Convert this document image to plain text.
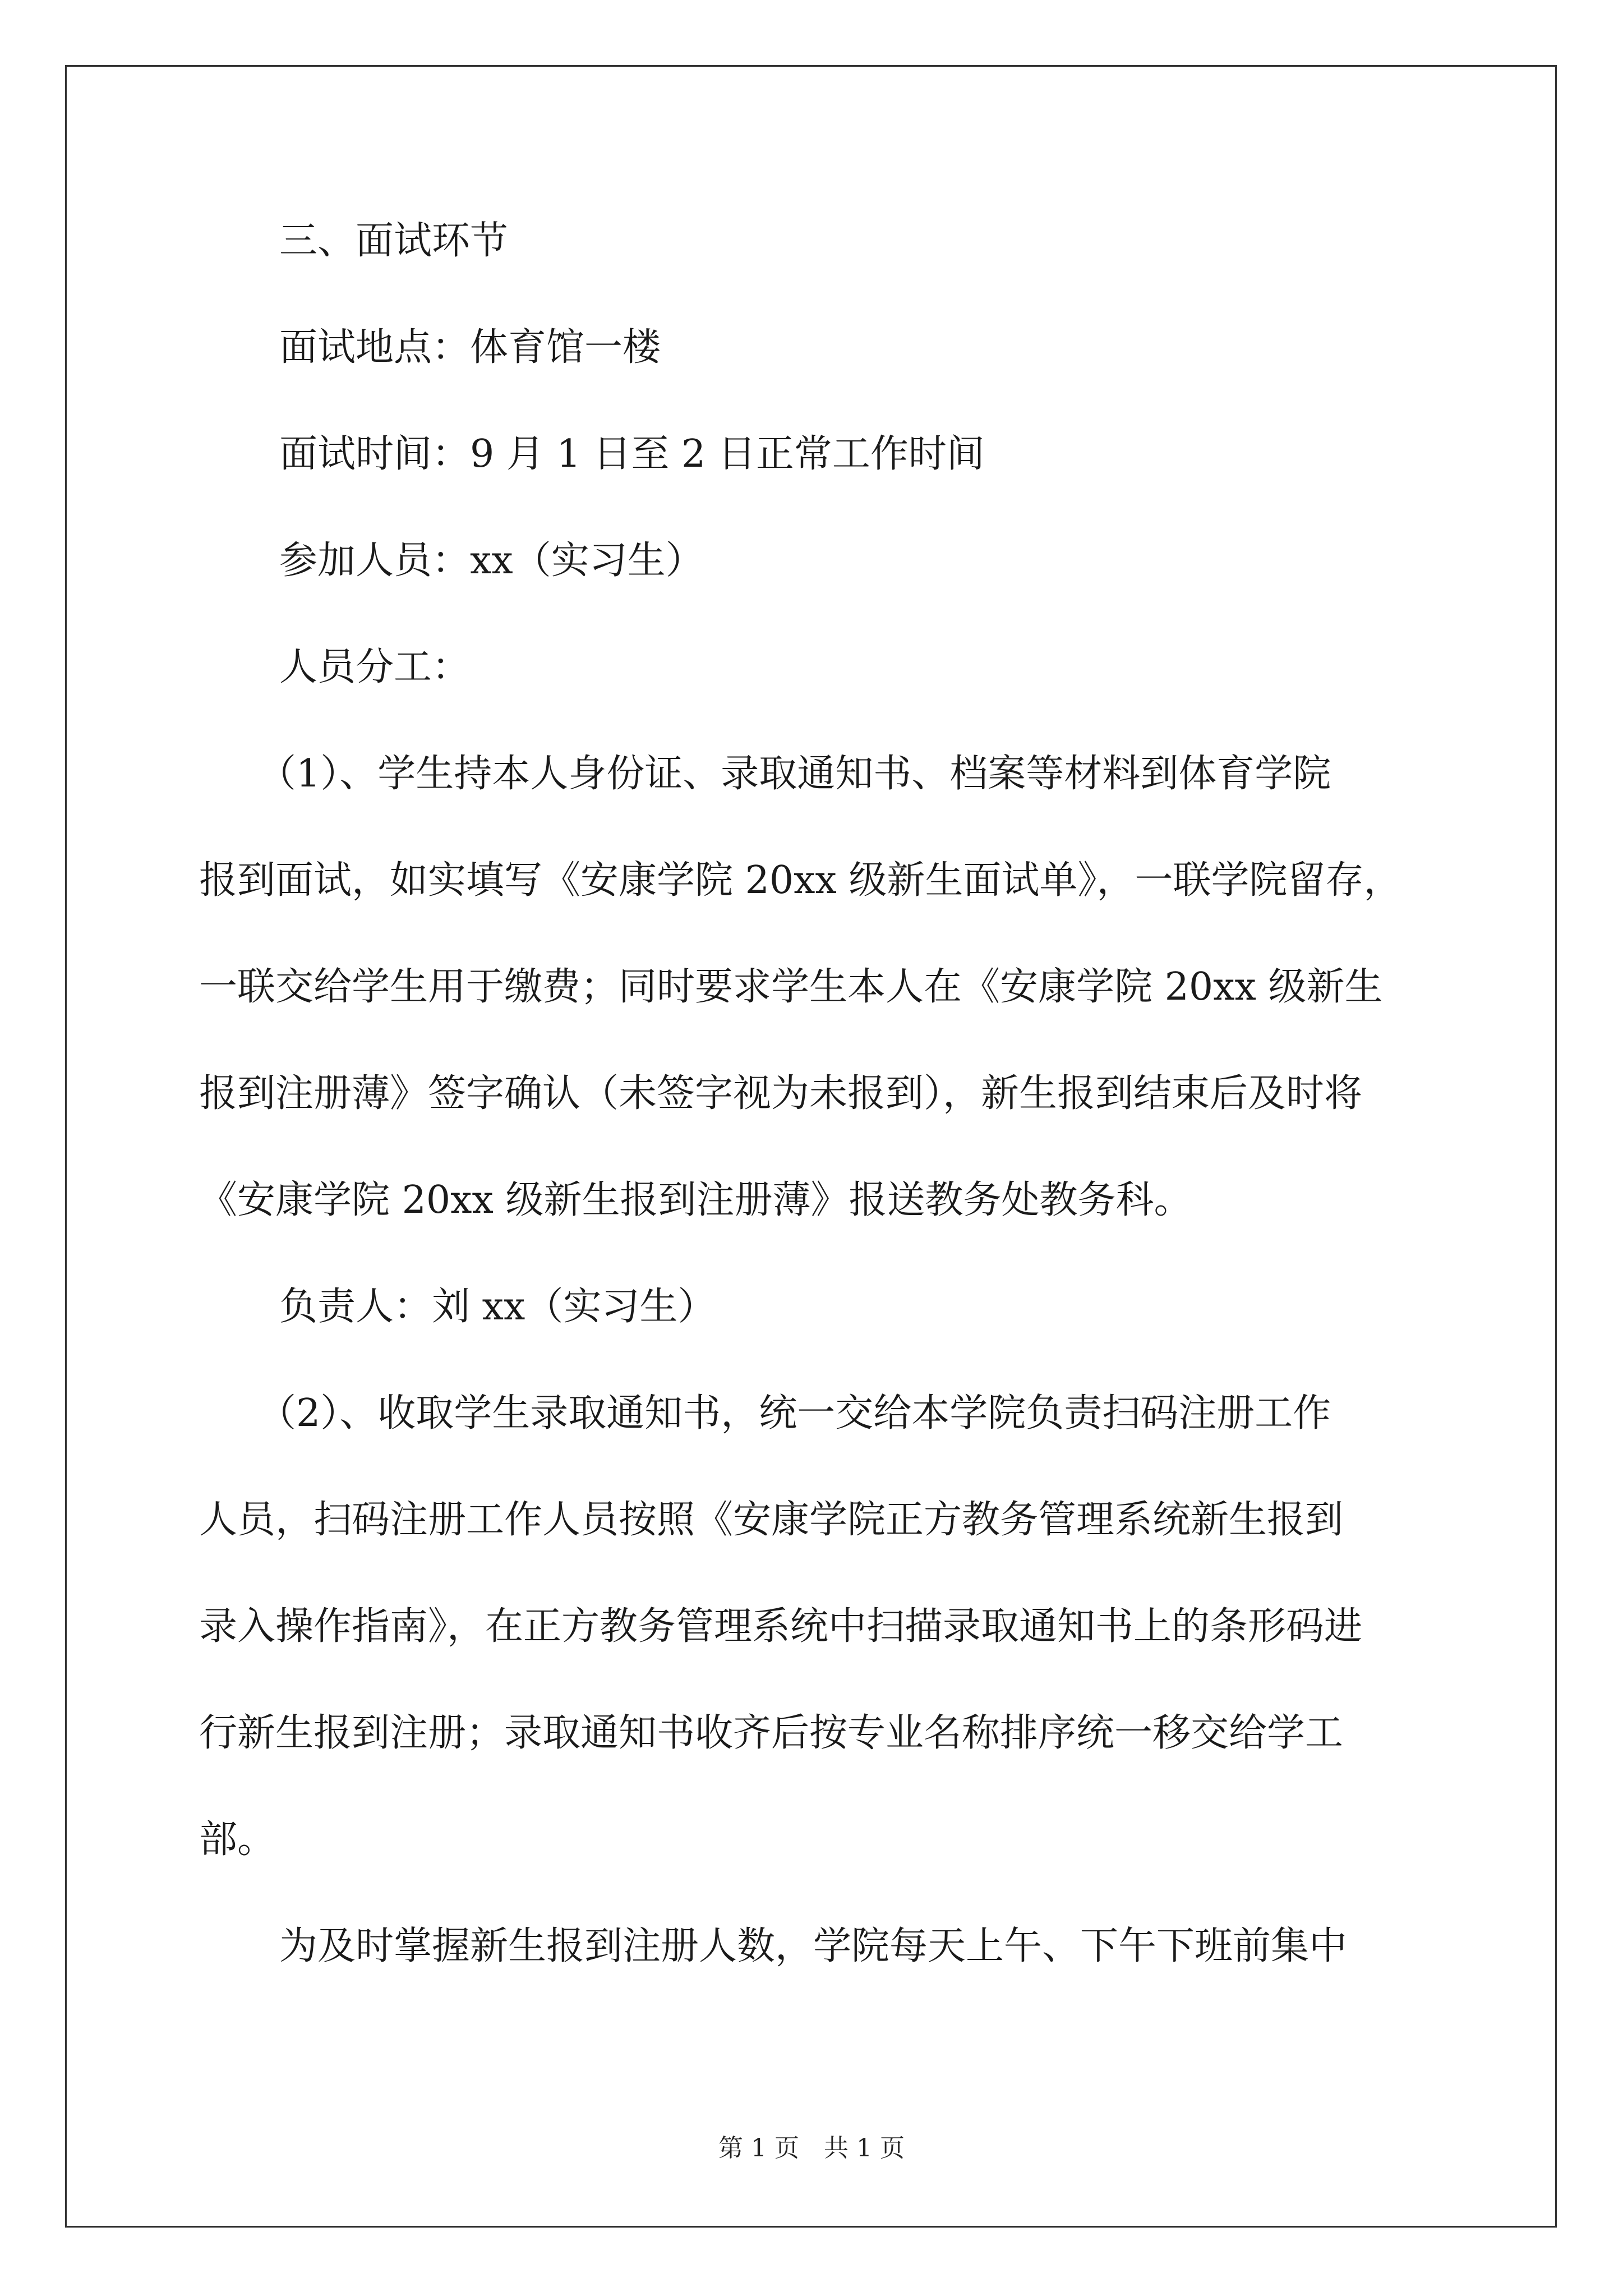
三、面试环节
面试地点：体育馆一楼
面试时间：9 月 1 日至 2 日正常工作时间
参加人员：xx（实习生）
人员分工：
（1）、学生持本人身份证、录取通知书、档案等材料到体育学院
报到面试，如实填写《安康学院 20xx 级新生面试单》，一联学院留存，
一联交给学生用于缴费；同时要求学生本人在《安康学院 20xx 级新生
报到注册薄》签字确认（未签字视为未报到），新生报到结束后及时将
《安康学院 20xx 级新生报到注册薄》报送教务处教务科。
负责人：刘 xx（实习生）
（2）、收取学生录取通知书，统一交给本学院负责扫码注册工作
人员，扫码注册工作人员按照《安康学院正方教务管理系统新生报到
录入操作指南》，在正方教务管理系统中扫描录取通知书上的条形码进
行新生报到注册；录取通知书收齐后按专业名称排序统一移交给学工
部。
为及时掌握新生报到注册人数，学院每天上午、下午下班前集中
第 1 页　共 1 页
